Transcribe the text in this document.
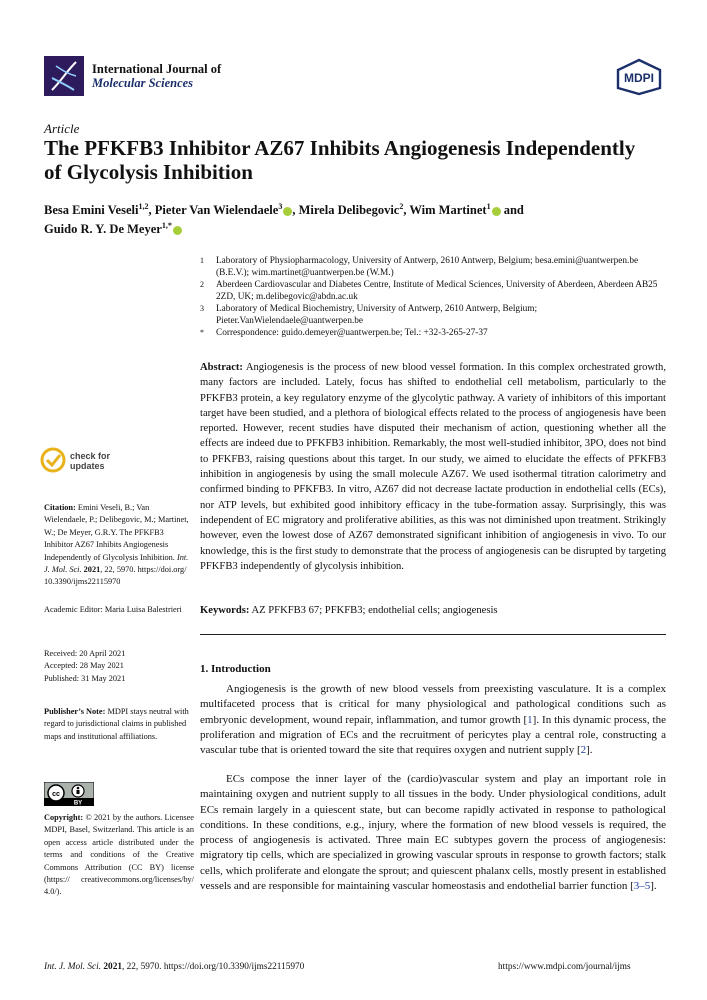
International Journal of
Molecular Sciences	MDPI
Article
The PFKFB3 Inhibitor AZ67 Inhibits Angiogenesis Independently of Glycolysis Inhibition
Besa Emini Veseli$^{1,2}$, Pieter Van Wielendaele$^3$ , Mirela Delibegovic$^2$, Wim Martinet$^1$ and
Guido R. Y. De Meyer$^{1,*}$
1 Laboratory of Physiopharmacology, University of Antwerp, 2610 Antwerp, Belgium; besa.emini@uantwerpen.be (B.E.V.); wim.martinet@uantwerpen.be (W.M.)
2 Aberdeen Cardiovascular and Diabetes Centre, Institute of Medical Sciences, University of Aberdeen, Aberdeen AB25 2ZD, UK; m.delibegovic@abdn.ac.uk
3 Laboratory of Medical Biochemistry, University of Antwerp, 2610 Antwerp, Belgium; Pieter.VanWielendaele@uantwerpen.be
* Correspondence: guido.demeyer@uantwerpen.be; Tel.: +32-3-265-27-37
Abstract: Angiogenesis is the process of new blood vessel formation. In this complex orchestrated growth, many factors are included. Lately, focus has shifted to endothelial cell metabolism, particularly to the PFKFB3 protein, a key regulatory enzyme of the glycolytic pathway. A variety of inhibitors of this important target have been studied, and a plethora of biological effects related to the process of angiogenesis have been reported. However, recent studies have disputed their mechanism of action, questioning whether all the effects are indeed due to PFKFB3 inhibition. Remarkably, the most well-studied inhibitor, 3PO, does not bind to PFKFB3, raising questions about this target. In our study, we aimed to elucidate the effects of PFKFB3 inhibition in angiogenesis by using the small molecule AZ67. We used isothermal titration calorimetry and confirmed binding to PFKFB3. In vitro, AZ67 did not decrease lactate production in endothelial cells (ECs), nor ATP levels, but exhibited good inhibitory efficacy in the tube-formation assay. Surprisingly, this was independent of EC migratory and proliferative abilities, as this was not diminished upon treatment. Strikingly however, even the lowest dose of AZ67 demonstrated significant inhibition of angiogenesis in vivo. To our knowledge, this is the first study to demonstrate that the process of angiogenesis can be disrupted by targeting PFKFB3 independently of glycolysis inhibition.
Keywords: AZ PFKFB3 67; PFKFB3; endothelial cells; angiogenesis
check for
updates
Citation: Emini Veseli, B.; Van Wielendaele, P.; Delibegovic, M.; Martinet, W.; De Meyer, G.R.Y. The PFKFB3 Inhibitor AZ67 Inhibits Angiogenesis Independently of Glycolysis Inhibition. Int. J. Mol. Sci. 2021, 22, 5970. https://doi.org/ 10.3390/ijms22115970
Academic Editor: Maria Luisa Balestrieri
Received: 20 April 2021
Accepted: 28 May 2021
Published: 31 May 2021
Publisher’s Note: MDPI stays neutral with regard to jurisdictional claims in published maps and institutional affiliations.
cc
BY
Copyright: © 2021 by the authors. Licensee MDPI, Basel, Switzerland. This article is an open access article distributed under the terms and conditions of the Creative Commons Attribution (CC BY) license (https:// creativecommons.org/licenses/by/ 4.0/).
1. Introduction
Angiogenesis is the growth of new blood vessels from preexisting vasculature. It is a complex multifaceted process that is critical for many physiological and pathological conditions such as embryonic development, wound repair, inflammation, and tumor growth [1]. In this dynamic process, the proliferation and migration of ECs and the recruitment of pericytes play a central role, constructing a vascular tube that is oriented toward the site that requires oxygen and nutrient supply [2].
ECs compose the inner layer of the (cardio)vascular system and play an important role in maintaining oxygen and nutrient supply to all tissues in the body. Under physiological conditions, adult ECs remain largely in a quiescent state, but can become rapidly activated in response to pathological conditions. In these conditions, e.g., injury, where the formation of new blood vessels is required, the process of angiogenesis is activated. Three main EC subtypes govern the process of angiogenesis: migratory tip cells, which are specialized in growing vascular sprouts in response to growth factors; stalk cells, which proliferate and elongate the sprout; and quiescent phalanx cells, mostly present in established vessels and are responsible for maintaining vascular homeostasis and endothelial barrier function [3–5].
Int. J. Mol. Sci. 2021, 22, 5970. https://doi.org/10.3390/ijms22115970	https://www.mdpi.com/journal/ijms
